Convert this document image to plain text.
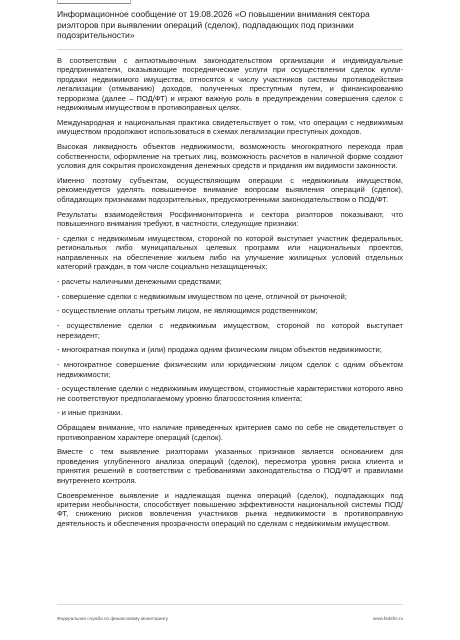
Информационное сообщение от 19.08.2026 «О повышении внимания сектора риэлторов при выявлении операций (сделок), подпадающих под признаки подозрительности»

В соответствии с антиотмывочным законодательством организации и индивидуальные предприниматели, оказывающие посреднические услуги при осуществлении сделок купли-продажи недвижимого имущества, относятся к числу участников системы противодействия легализации (отмыванию) доходов, полученных преступным путем, и финансированию терроризма (далее – ПОД/ФТ) и играют важную роль в предупреждении совершения сделок с недвижимым имуществом в противоправных целях.

Международная и национальная практика свидетельствует о том, что операции с недвижимым имуществом продолжают использоваться в схемах легализации преступных доходов.

Высокая ликвидность объектов недвижимости, возможность многократного перехода прав собственности, оформление на третьих лиц, возможность расчетов в наличной форме создают условия для сокрытия происхождения денежных средств и придания им видимости законности.

Именно поэтому субъектам, осуществляющим операции с недвижимым имуществом, рекомендуется уделять повышенное внимание вопросам выявления операций (сделок), обладающих признаками подозрительных, предусмотренными законодательством о ПОД/ФТ.

Результаты взаимодействия Росфинмониторинга и сектора риэлторов показывают, что повышенного внимания требуют, в частности, следующие признаки:

- сделки с недвижимым имуществом, стороной по которой выступает участник федеральных, региональных либо муниципальных целевых программ или национальных проектов, направленных на обеспечение жильем либо на улучшение жилищных условий отдельных категорий граждан, в том числе социально незащищенных;

- расчеты наличными денежными средствами;

- совершение сделки с недвижимым имуществом по цене, отличной от рыночной;

- осуществление оплаты третьим лицом, не являющимся родственником;

- осуществление сделки с недвижимым имуществом, стороной по которой выступает нерезидент;

- многократная покупка и (или) продажа одним физическим лицом объектов недвижимости;

- многократное совершение физическим или юридическим лицом сделок с одним объектом недвижимости;

- осуществление сделки с недвижимым имуществом, стоимостные характеристики которого явно не соответствуют предполагаемому уровню благосостояния клиента;

- и иные признаки.

Обращаем внимание, что наличие приведенных критериев само по себе не свидетельствует о противоправном характере операций (сделок).

Вместе с тем выявление риэлторами указанных признаков является основанием для проведения углубленного анализа операций (сделок), пересмотра уровня риска клиента и принятия решений в соответствии с требованиями законодательства о ПОД/ФТ и правилами внутреннего контроля.

Своевременное выявление и надлежащая оценка операций (сделок), подпадающих под критерии необычности, способствует повышению эффективности национальной системы ПОД/ФТ, снижению рисков вовлечения участников рынка недвижимости в противоправную деятельность и обеспечения прозрачности операций по сделкам с недвижимым имуществом.

Федеральная служба по финансовому мониторингу	www.fedsfm.ru
